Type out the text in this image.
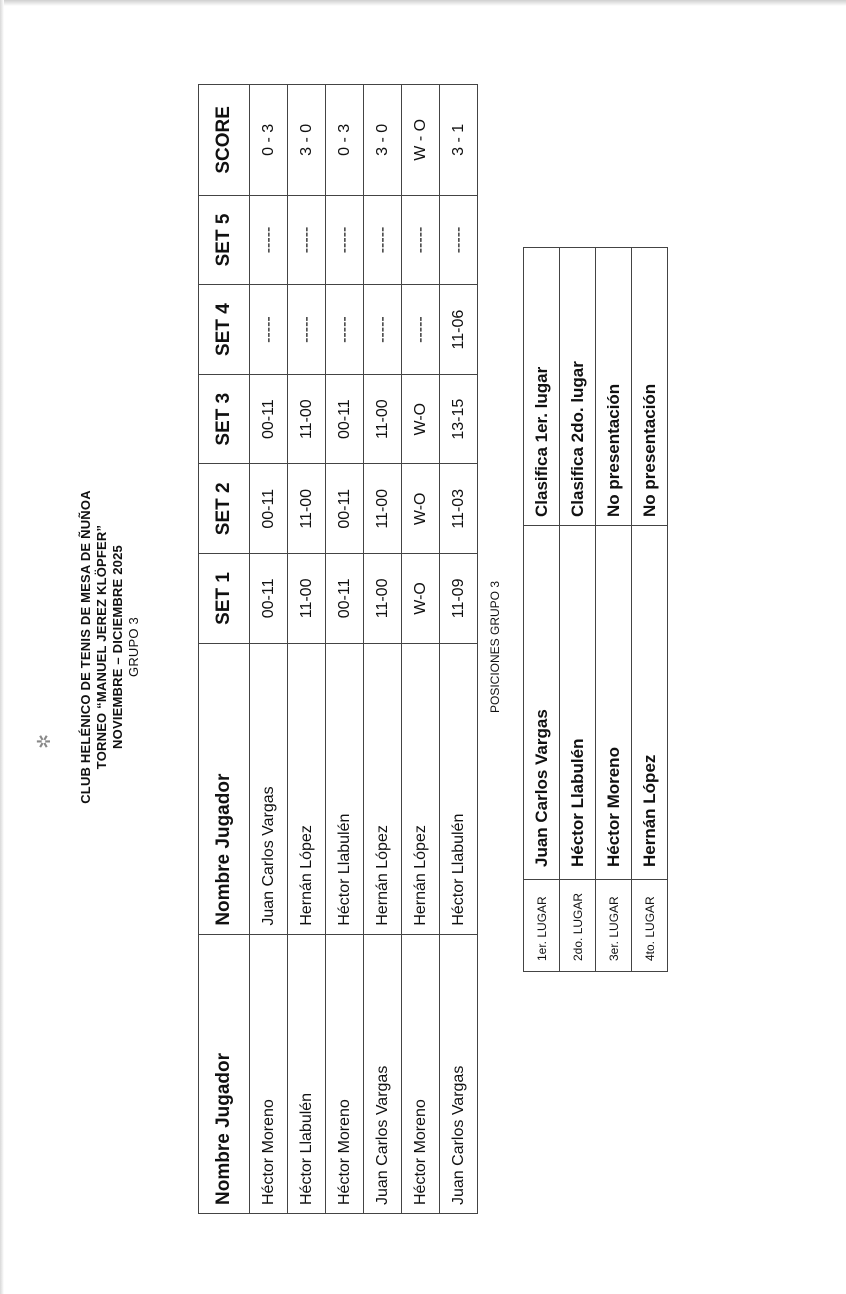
✲ CLUB HELÉNICO DE TENIS DE MESA DE ÑUÑOA TORNEO “MANUEL JEREZ KLÖPFER” NOVIEMBRE – DICIEMBRE 2025 GRUPO 3
Nombre Jugador	Nombre Jugador	SET 1	SET 2	SET 3	SET 4	SET 5	SCORE
Héctor Moreno	Juan Carlos Vargas	00-11	00-11	00-11	-----	-----	0 - 3
Héctor Llabulén	Hernán López	11-00	11-00	11-00	-----	-----	3 - 0
Héctor Moreno	Héctor Llabulén	00-11	00-11	00-11	-----	-----	0 - 3
Juan Carlos Vargas	Hernán López	11-00	11-00	11-00	-----	-----	3 - 0
Héctor Moreno	Hernán López	W-O	W-O	W-O	-----	-----	W - O
Juan Carlos Vargas	Héctor Llabulén	11-09	11-03	13-15	11-06	-----	3 - 1
POSICIONES GRUPO 3
1er. LUGAR	Juan Carlos Vargas	Clasifica 1er. lugar
2do. LUGAR	Héctor Llabulén	Clasifica 2do. lugar
3er. LUGAR	Héctor Moreno	No presentación
4to. LUGAR	Hernán López	No presentación
